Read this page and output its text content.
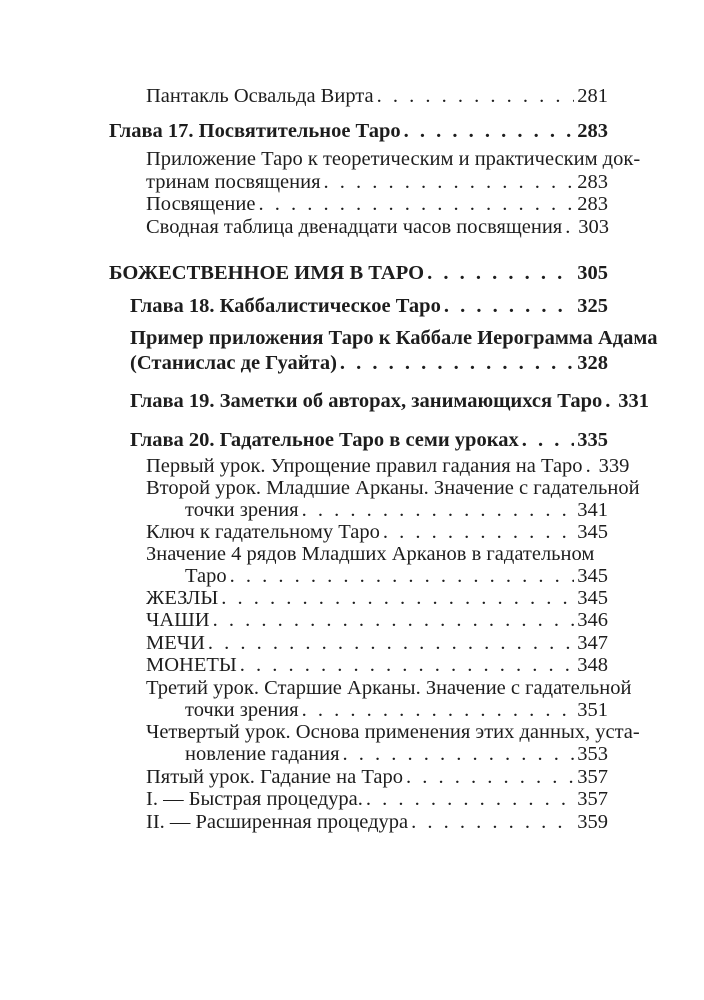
Пантакль Освальда Вирта . . .	281
Глава 17. Посвятительное Таро . . .	283
Приложение Таро к теоретическим и практическим док-
тринам посвящения . . .	283
Посвящение . . .	283
Сводная таблица двенадцати часов посвящения . . . 303
БОЖЕСТВЕННОЕ ИМЯ В ТАРО . . .	305
Глава 18. Каббалистическое Таро . . .	325
Пример приложения Таро к Каббале Иерограмма Адама
(Станислас де Гуайта) . . .	328
Глава 19. Заметки об авторах, занимающихся Таро . . . 331
Глава 20. Гадательное Таро в семи уроках . . .	335
Первый урок. Упрощение правил гадания на Таро . . . 339
Второй урок. Младшие Арканы. Значение с гадательной
точки зрения . . .	341
Ключ к гадательному Таро . . .	345
Значение 4 рядов Младших Арканов в гадательном
Таро . . .	345
ЖЕЗЛЫ . . .	345
ЧАШИ . . .	346
МЕЧИ . . .	347
МОНЕТЫ . . .	348
Третий урок. Старшие Арканы. Значение с гадательной
точки зрения . . .	351
Четвертый урок. Основа применения этих данных, уста-
новление гадания . . .	353
Пятый урок. Гадание на Таро . . .	357
I. — Быстрая процедура. . . .	357
II. — Расширенная процедура . . .	359
